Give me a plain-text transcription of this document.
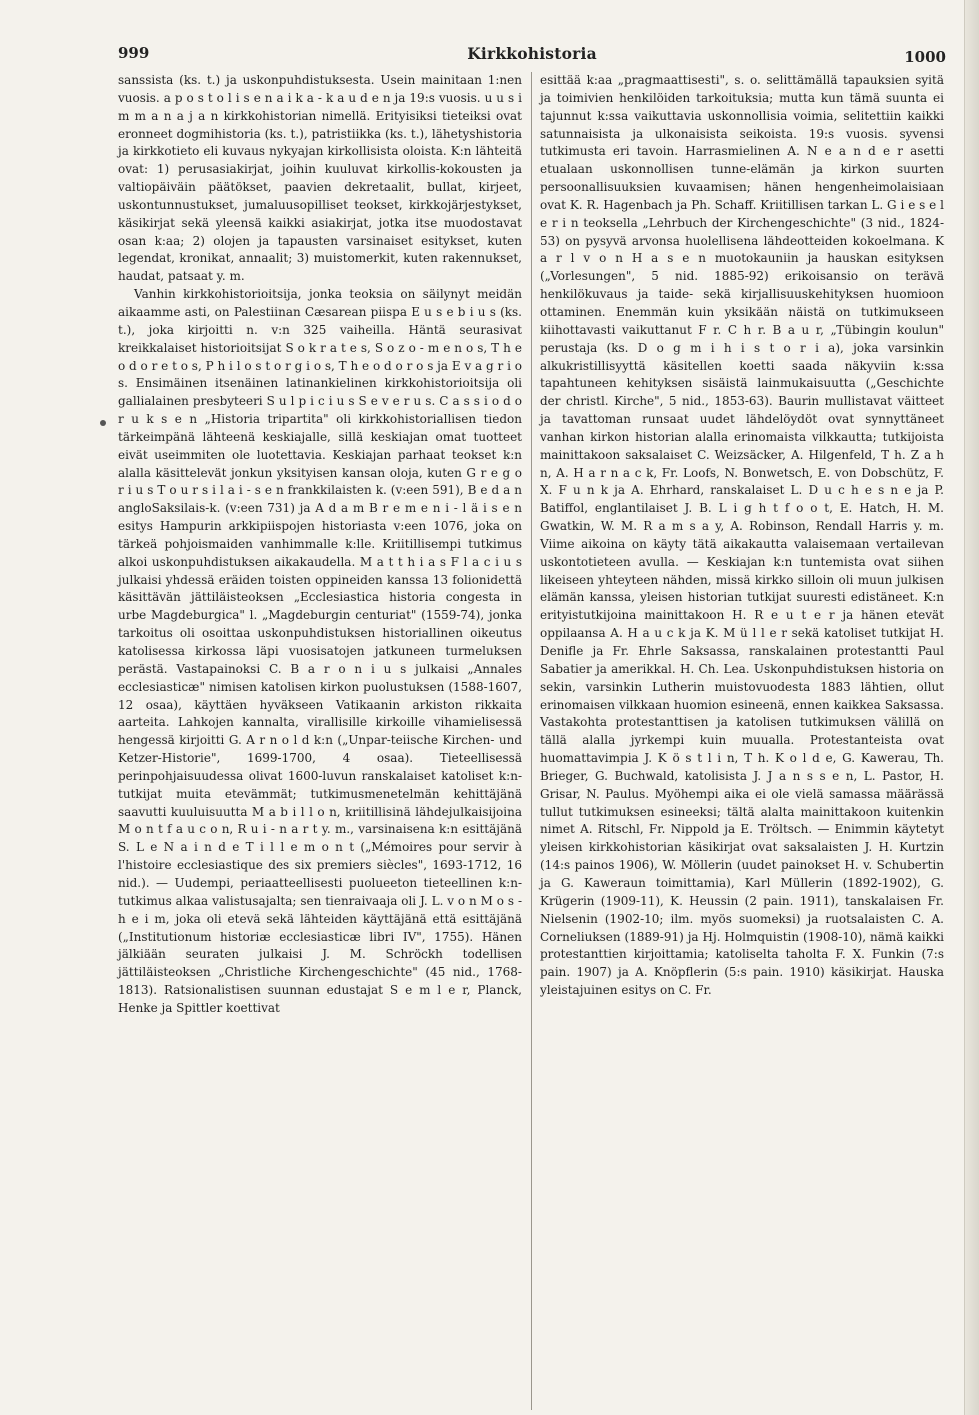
999	Kirkkohistoria	1000

sanssista (ks. t.) ja uskonpuhdistuksesta. Usein mainitaan 1:nen vuosis. a p o s t o l i s e n a i k a - k a u d e n ja 19:s vuosis. u u s i m m a n a j a n kirkkohistorian nimellä. Erityisiksi tieteiksi ovat eronneet dogmihistoria (ks. t.), patristiikka (ks. t.), lähetyshistoria ja kirkkotieto eli kuvaus nykyajan kirkollisista oloista. K:n lähteitä ovat: 1) perusasiakirjat, joihin kuuluvat kirkollis-kokousten ja valtiopäiväin päätökset, paavien dekretaalit, bullat, kirjeet, uskontunnustukset, jumaluusopilliset teokset, kirkkojärjestykset, käsikirjat sekä yleensä kaikki asiakirjat, jotka itse muodostavat osan k:aa; 2) olojen ja tapausten varsinaiset esitykset, kuten legendat, kronikat, annaalit; 3) muistomerkit, kuten rakennukset, haudat, patsaat y. m.

Vanhin kirkkohistorioitsija, jonka teoksia on säilynyt meidän aikaamme asti, on Palestiinan Cæsarean piispa E u s e b i u s (ks. t.), joka kirjoitti n. v:n 325 vaiheilla. Häntä seurasivat kreikkalaiset historioitsijat S o k r a t e s, S o z o - m e n o s, T h e o d o r e t o s, P h i l o s t o r g i o s, T h e o d o r o s ja E v a g r i o s. Ensimäinen itsenäinen latinankielinen kirkkohistorioitsija oli gallialainen presbyteeri S u l p i c i u s S e v e r u s. C a s s i o d o r u k s e n „Historia tripartita" oli kirkkohistoriallisen tiedon tärkeimpänä lähteenä keskiajalle, sillä keskiajan omat tuotteet eivät useimmiten ole luotettavia. Keskiajan parhaat teokset k:n alalla käsittelevät jonkun yksityisen kansan oloja, kuten G r e g o r i u s T o u r s i l a i - s e n frankkilaisten k. (v:een 591), B e d a n angloSaksilais-k. (v:een 731) ja A d a m B r e m e n i - l ä i s e n esitys Hampurin arkkipiispojen historiasta v:een 1076, joka on tärkeä pohjoismaiden vanhimmalle k:lle. Kriitillisempi tutkimus alkoi uskonpuhdistuksen aikakaudella. M a t t h i a s F l a c i u s julkaisi yhdessä eräiden toisten oppineiden kanssa 13 folionidettä käsittävän jättiläisteoksen „Ecclesiastica historia congesta in urbe Magdeburgica" l. „Magdeburgin centuriat" (1559-74), jonka tarkoitus oli osoittaa uskonpuhdistuksen historiallinen oikeutus katolisessa kirkossa läpi vuosisatojen jatkuneen turmeluksen perästä. Vastapainoksi C. B a r o n i u s julkaisi „Annales ecclesiasticæ" nimisen katolisen kirkon puolustuksen (1588-1607, 12 osaa), käyttäen hyväkseen Vatikaanin arkiston rikkaita aarteita. Lahkojen kannalta, virallisille kirkoille vihamielisessä hengessä kirjoitti G. A r n o l d k:n („Unpar-teiische Kirchen- und Ketzer-Historie", 1699-1700, 4 osaa). Tieteellisessä perinpohjaisuudessa olivat 1600-luvun ranskalaiset katoliset k:n-tutkijat muita etevämmät; tutkimusmenetelmän kehittäjänä saavutti kuuluisuutta M a b i l l o n, kriitillisinä lähdejulkaisijoina M o n t f a u c o n, R u i - n a r t y. m., varsinaisena k:n esittäjänä S. L e N a i n d e T i l l e m o n t („Mémoires pour servir à l'histoire ecclesiastique des six premiers siècles", 1693-1712, 16 nid.). — Uudempi, periaatteellisesti puolueeton tieteellinen k:n-tutkimus alkaa valistusajalta; sen tienraivaaja oli J. L. v o n M o s - h e i m, joka oli etevä sekä lähteiden käyttäjänä että esittäjänä („Institutionum historiæ ecclesiasticæ libri IV", 1755). Hänen jälkiään seuraten julkaisi J. M. Schröckh todellisen jättiläisteoksen „Christliche Kirchengeschichte" (45 nid., 1768-1813). Ratsionalistisen suunnan edustajat S e m l e r, Planck, Henke ja Spittler koettivat

esittää k:aa „pragmaattisesti", s. o. selittämällä tapauksien syitä ja toimivien henkilöiden tarkoituksia; mutta kun tämä suunta ei tajunnut k:ssa vaikuttavia uskonnollisia voimia, selitettiin kaikki satunnaisista ja ulkonaisista seikoista. 19:s vuosis. syvensi tutkimusta eri tavoin. Harrasmielinen A. N e a n d e r asetti etualaan uskonnollisen tunne-elämän ja kirkon suurten persoonallisuuksien kuvaamisen; hänen hengenheimolaisiaan ovat K. R. Hagenbach ja Ph. Schaff. Kriitillisen tarkan L. G i e s e l e r i n teoksella „Lehrbuch der Kirchengeschichte" (3 nid., 1824-53) on pysyvä arvonsa huolellisena lähdeotteiden kokoelmana. K a r l v o n H a s e n muotokauniin ja hauskan esityksen („Vorlesungen", 5 nid. 1885-92) erikoisansio on terävä henkilökuvaus ja taide- sekä kirjallisuuskehityksen huomioon ottaminen. Enemmän kuin yksikään näistä on tutkimukseen kiihottavasti vaikuttanut F r. C h r. B a u r, „Tübingin koulun" perustaja (ks. D o g m i h i s t o r i a), joka varsinkin alkukristillisyyttä käsitellen koetti saada näkyviin k:ssa tapahtuneen kehityksen sisäistä lainmukaisuutta („Geschichte der christl. Kirche", 5 nid., 1853-63). Baurin mullistavat väitteet ja tavattoman runsaat uudet lähdelöydöt ovat synnyttäneet vanhan kirkon historian alalla erinomaista vilkkautta; tutkijoista mainittakoon saksalaiset C. Weizsäcker, A. Hilgenfeld, T h. Z a h n, A. H a r n a c k, Fr. Loofs, N. Bonwetsch, E. von Dobschütz, F. X. F u n k ja A. Ehrhard, ranskalaiset L. D u c h e s n e ja P. Batiffol, englantilaiset J. B. L i g h t f o o t, E. Hatch, H. M. Gwatkin, W. M. R a m s a y, A. Robinson, Rendall Harris y. m. Viime aikoina on käyty tätä aikakautta valaisemaan vertailevan uskontotieteen avulla. — Keskiajan k:n tuntemista ovat siihen likeiseen yhteyteen nähden, missä kirkko silloin oli muun julkisen elämän kanssa, yleisen historian tutkijat suuresti edistäneet. K:n erityistutkijoina mainittakoon H. R e u t e r ja hänen etevät oppilaansa A. H a u c k ja K. M ü l l e r sekä katoliset tutkijat H. Denifle ja Fr. Ehrle Saksassa, ranskalainen protestantti Paul Sabatier ja amerikkal. H. Ch. Lea. Uskonpuhdistuksen historia on sekin, varsinkin Lutherin muistovuodesta 1883 lähtien, ollut erinomaisen vilkkaan huomion esineenä, ennen kaikkea Saksassa. Vastakohta protestanttisen ja katolisen tutkimuksen välillä on tällä alalla jyrkempi kuin muualla. Protestanteista ovat huomattavimpia J. K ö s t l i n, T h. K o l d e, G. Kawerau, Th. Brieger, G. Buchwald, katolisista J. J a n s s e n, L. Pastor, H. Grisar, N. Paulus. Myöhempi aika ei ole vielä samassa määrässä tullut tutkimuksen esineeksi; tältä alalta mainittakoon kuitenkin nimet A. Ritschl, Fr. Nippold ja E. Tröltsch. — Enimmin käytetyt yleisen kirkkohistorian käsikirjat ovat saksalaisten J. H. Kurtzin (14:s painos 1906), W. Möllerin (uudet painokset H. v. Schubertin ja G. Kaweraun toimittamia), Karl Müllerin (1892-1902), G. Krügerin (1909-11), K. Heussin (2 pain. 1911), tanskalaisen Fr. Nielsenin (1902-10; ilm. myös suomeksi) ja ruotsalaisten C. A. Corneliuksen (1889-91) ja Hj. Holmquistin (1908-10), nämä kaikki protestanttien kirjoittamia; katoliselta taholta F. X. Funkin (7:s pain. 1907) ja A. Knöpflerin (5:s pain. 1910) käsikirjat. Hauska yleistajuinen esitys on C. Fr.
